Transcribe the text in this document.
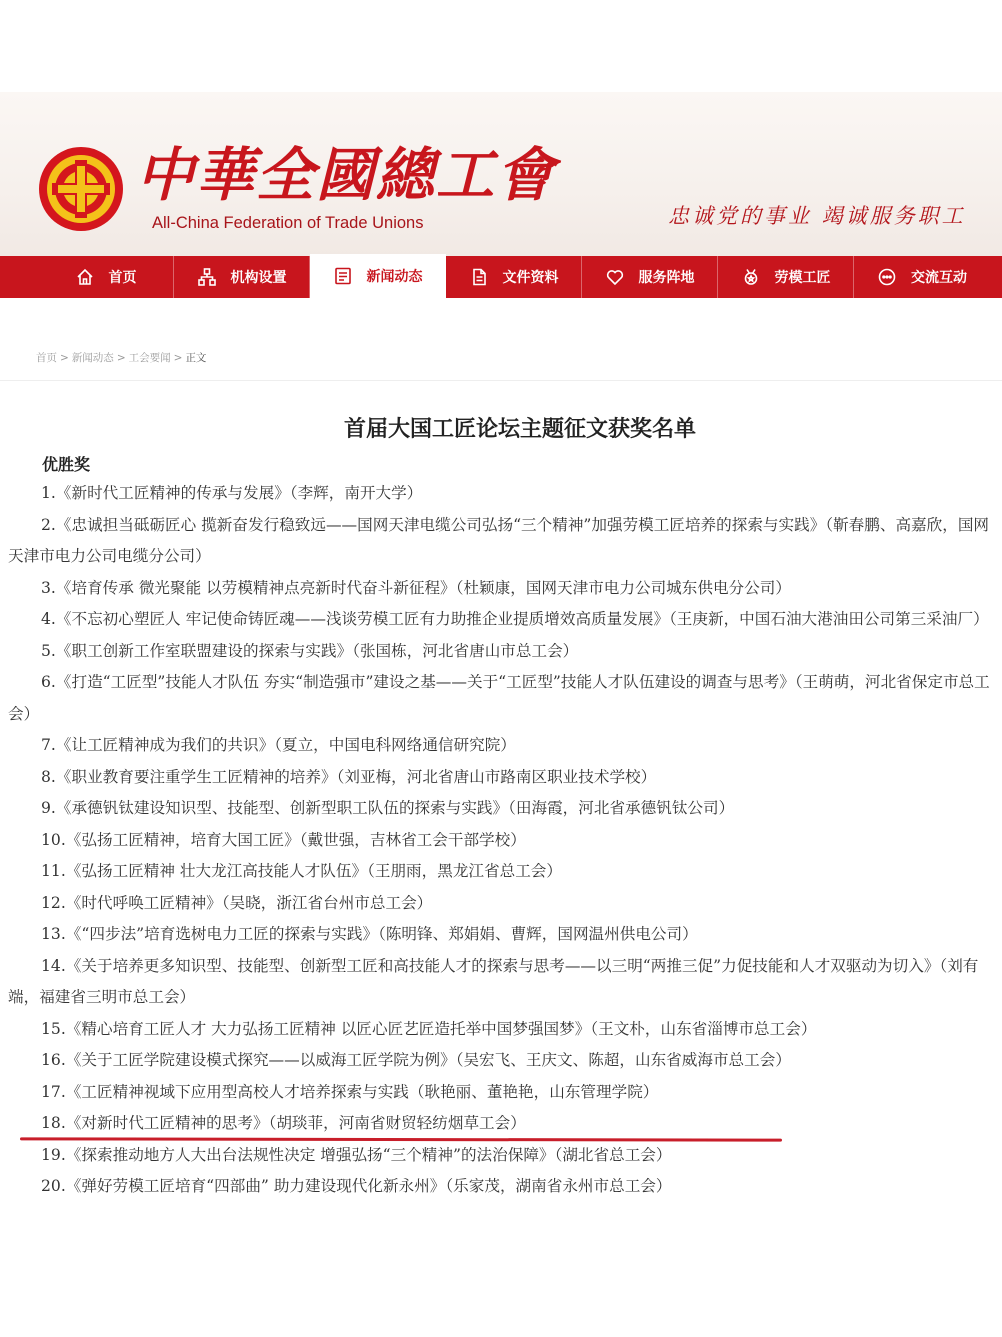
中華全國總工會
All-China Federation of Trade Unions	忠诚党的事业 竭诚服务职工
首页	机构设置	新闻动态	文件资料	服务阵地	劳模工匠	交流互动
首页 > 新闻动态 > 工会要闻 > 正文
首届大国工匠论坛主题征文获奖名单
优胜奖

1.《新时代工匠精神的传承与发展》（李辉，南开大学）

2.《忠诚担当砥砺匠心 揽新奋发行稳致远——国网天津电缆公司弘扬“三个精神”加强劳模工匠培养的探索与实践》（靳春鹏、高嘉欣，国网天津市电力公司电缆分公司）

3.《培育传承 微光聚能 以劳模精神点亮新时代奋斗新征程》（杜颖康，国网天津市电力公司城东供电分公司）

4.《不忘初心塑匠人 牢记使命铸匠魂——浅谈劳模工匠有力助推企业提质增效高质量发展》（王庚新，中国石油大港油田公司第三采油厂）

5.《职工创新工作室联盟建设的探索与实践》（张国栋，河北省唐山市总工会）

6.《打造“工匠型”技能人才队伍 夯实“制造强市”建设之基——关于“工匠型”技能人才队伍建设的调查与思考》（王萌萌，河北省保定市总工会）

7.《让工匠精神成为我们的共识》（夏立，中国电科网络通信研究院）

8.《职业教育要注重学生工匠精神的培养》（刘亚梅，河北省唐山市路南区职业技术学校）

9.《承德钒钛建设知识型、技能型、创新型职工队伍的探索与实践》（田海霞，河北省承德钒钛公司）

10.《弘扬工匠精神，培育大国工匠》（戴世强，吉林省工会干部学校）

11.《弘扬工匠精神 壮大龙江高技能人才队伍》（王朋雨，黑龙江省总工会）

12.《时代呼唤工匠精神》（吴晓，浙江省台州市总工会）

13.《“四步法”培育选树电力工匠的探索与实践》（陈明锋、郑娟娟、曹辉，国网温州供电公司）

14.《关于培养更多知识型、技能型、创新型工匠和高技能人才的探索与思考——以三明“两推三促”力促技能和人才双驱动为切入》（刘有端，福建省三明市总工会）

15.《精心培育工匠人才 大力弘扬工匠精神 以匠心匠艺匠造托举中国梦强国梦》（王文朴，山东省淄博市总工会）

16.《关于工匠学院建设模式探究——以威海工匠学院为例》（吴宏飞、王庆文、陈超，山东省威海市总工会）

17.《工匠精神视域下应用型高校人才培养探索与实践（耿艳丽、董艳艳，山东管理学院）

18.《对新时代工匠精神的思考》（胡琰菲，河南省财贸轻纺烟草工会）

19.《探索推动地方人大出台法规性决定 增强弘扬“三个精神”的法治保障》（湖北省总工会）

20.《弹好劳模工匠培育“四部曲” 助力建设现代化新永州》（乐家茂，湖南省永州市总工会）
